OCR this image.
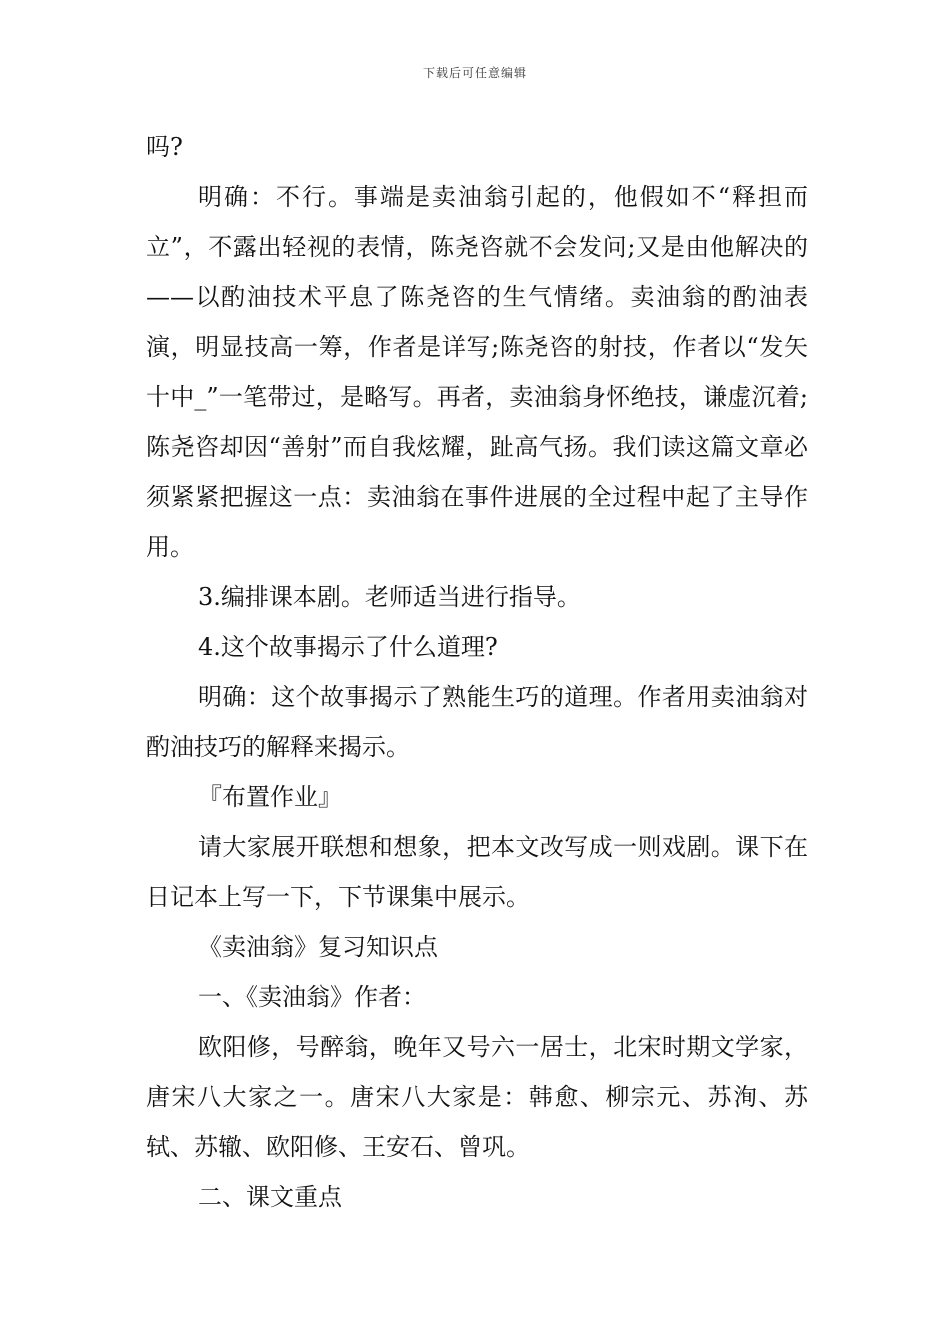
下载后可任意编辑

吗?

明确：不行。事端是卖油翁引起的，他假如不“释担而立”，不露出轻视的表情，陈尧咨就不会发问;又是由他解决的——以酌油技术平息了陈尧咨的生气情绪。卖油翁的酌油表演，明显技高一筹，作者是详写;陈尧咨的射技，作者以“发矢十中_”一笔带过，是略写。再者，卖油翁身怀绝技，谦虚沉着;陈尧咨却因“善射”而自我炫耀，趾高气扬。我们读这篇文章必须紧紧把握这一点：卖油翁在事件进展的全过程中起了主导作用。

3.编排课本剧。老师适当进行指导。

4.这个故事揭示了什么道理?

明确：这个故事揭示了熟能生巧的道理。作者用卖油翁对酌油技巧的解释来揭示。

『布置作业』

请大家展开联想和想象，把本文改写成一则戏剧。课下在日记本上写一下，下节课集中展示。

《卖油翁》复习知识点

一、《卖油翁》作者：

欧阳修，号醉翁，晚年又号六一居士，北宋时期文学家，唐宋八大家之一。唐宋八大家是：韩愈、柳宗元、苏洵、苏轼、苏辙、欧阳修、王安石、曾巩。

二、课文重点
